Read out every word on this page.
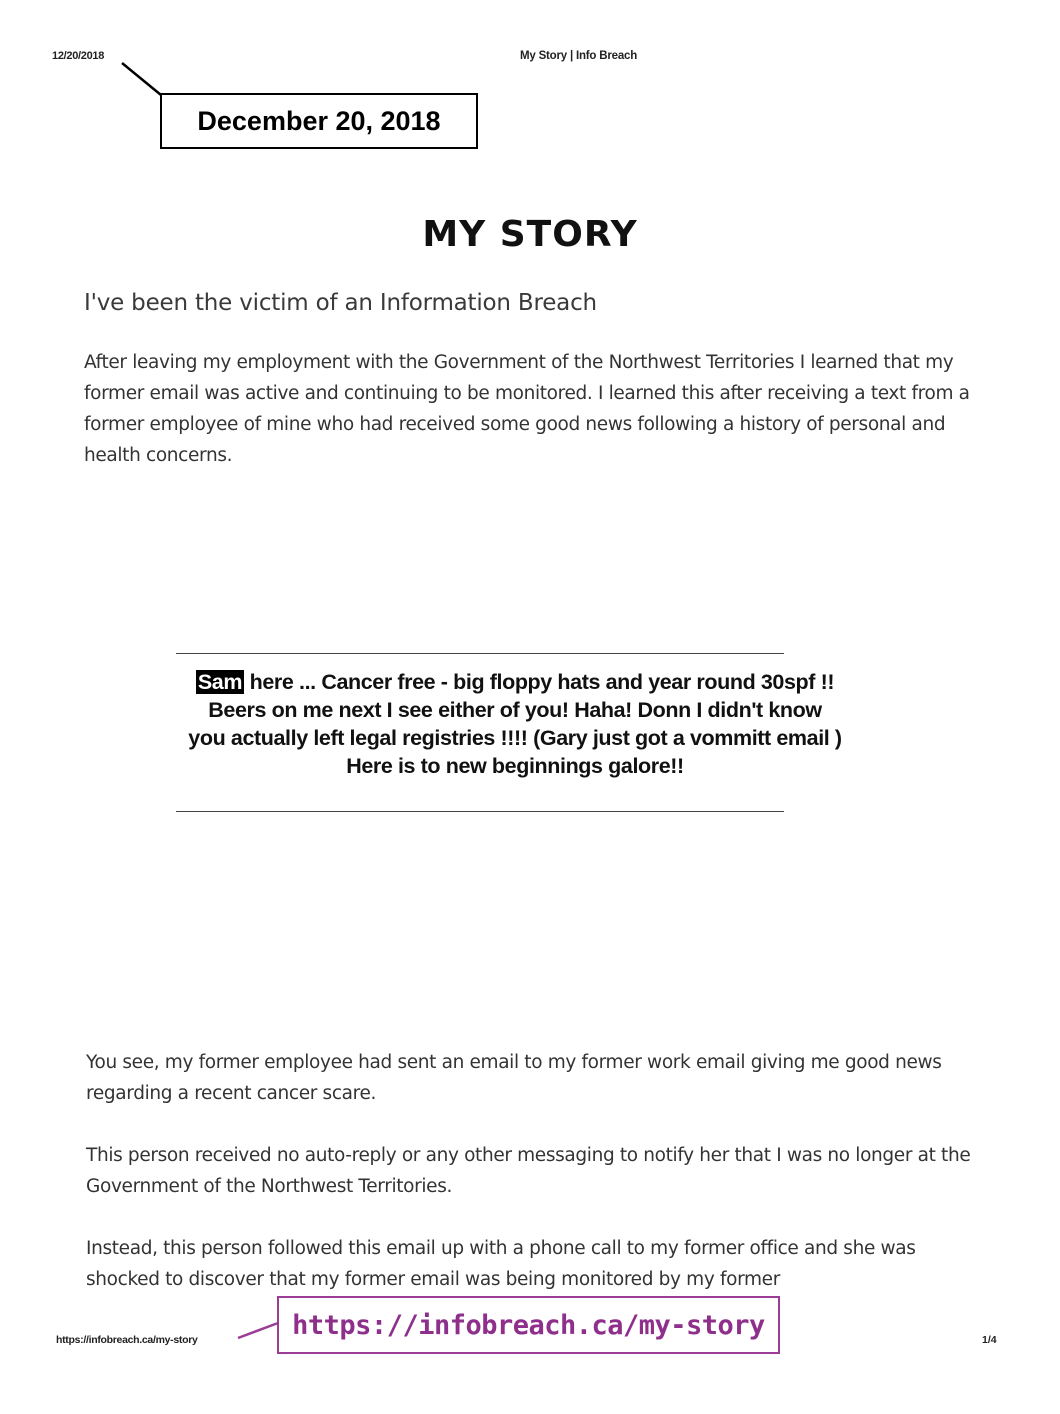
12/20/2018	My Story | Info Breach
December 20, 2018
MY STORY
I've been the victim of an Information Breach

After leaving my employment with the Government of the Northwest Territories I learned that my former email was active and continuing to be monitored. I learned this after receiving a text from a former employee of mine who had received some good news following a history of personal and health concerns.

Sam here ... Cancer free - big floppy hats and year round 30spf !!
Beers on me next I see either of you! Haha! Donn I didn't know
you actually left legal registries !!!! (Gary just got a vommitt email )
Here is to new beginnings galore!!

You see, my former employee had sent an email to my former work email giving me good news regarding a recent cancer scare.

This person received no auto-reply or any other messaging to notify her that I was no longer at the Government of the Northwest Territories.

Instead, this person followed this email up with a phone call to my former office and she was shocked to discover that my former email was being monitored by my former

https://infobreach.ca/my-story	1/4
https://infobreach.ca/my-story
